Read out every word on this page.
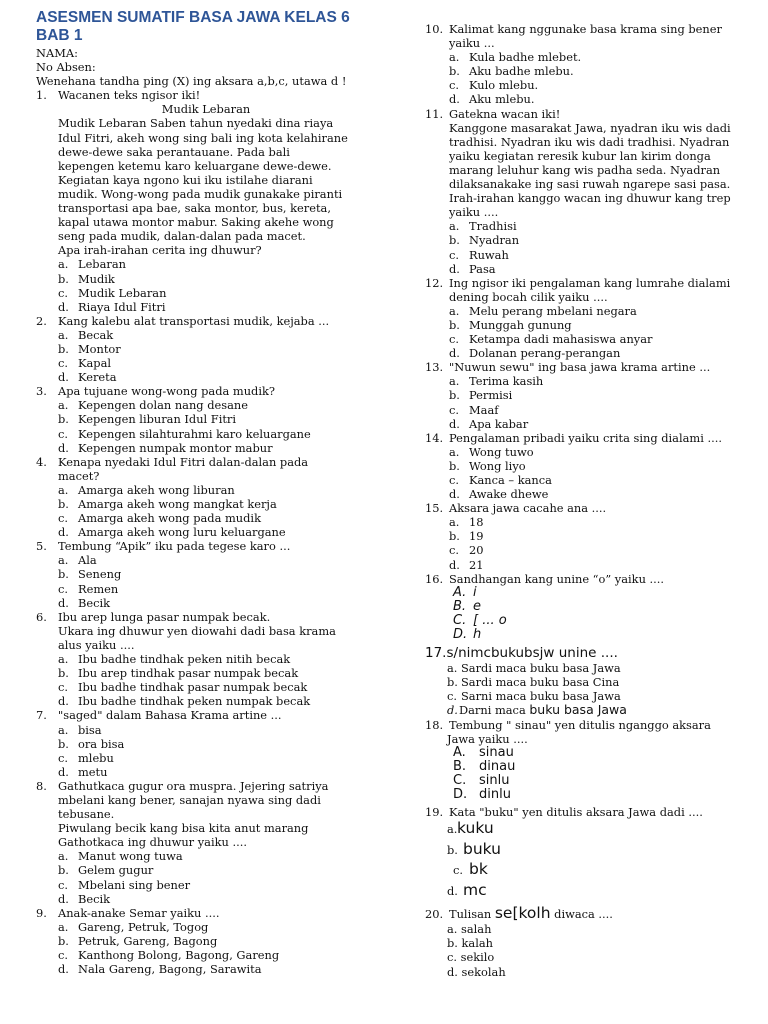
ASESMEN SUMATIF BASA JAWA KELAS 6
BAB 1
NAMA:
No Absen:
Wenehana tandha ping (X) ing aksara a,b,c, utawa d !
1. Wacanen teks ngisor iki!
Mudik Lebaran
Mudik Lebaran Saben tahun nyedaki dina riaya
Idul Fitri, akeh wong sing bali ing kota kelahirane
dewe-dewe saka perantauane. Pada bali
kepengen ketemu karo keluargane dewe-dewe.
Kegiatan kaya ngono kui iku istilahe diarani
mudik. Wong-wong pada mudik gunakake piranti
transportasi apa bae, saka montor, bus, kereta,
kapal utawa montor mabur. Saking akehe wong
seng pada mudik, dalan-dalan pada macet.
Apa irah-irahan cerita ing dhuwur?
a. Lebaran
b. Mudik
c. Mudik Lebaran
d. Riaya Idul Fitri
2. Kang kalebu alat transportasi mudik, kejaba ...
a. Becak
b. Montor
c. Kapal
d. Kereta
3. Apa tujuane wong-wong pada mudik?
a. Kepengen dolan nang desane
b. Kepengen liburan Idul Fitri
c. Kepengen silahturahmi karo keluargane
d. Kepengen numpak montor mabur
4. Kenapa nyedaki Idul Fitri dalan-dalan pada
macet?
a. Amarga akeh wong liburan
b. Amarga akeh wong mangkat kerja
c. Amarga akeh wong pada mudik
d. Amarga akeh wong luru keluargane
5. Tembung “Apik” iku pada tegese karo ...
a. Ala
b. Seneng
c. Remen
d. Becik
6. Ibu arep lunga pasar numpak becak.
Ukara ing dhuwur yen diowahi dadi basa krama
alus yaiku ....
a. Ibu badhe tindhak peken nitih becak
b. Ibu arep tindhak pasar numpak becak
c. Ibu badhe tindhak pasar numpak becak
d. Ibu badhe tindhak peken numpak becak
7. "saged" dalam Bahasa Krama artine ...
a. bisa
b. ora bisa
c. mlebu
d. metu
8. Gathutkaca gugur ora muspra. Jejering satriya
mbelani kang bener, sanajan nyawa sing dadi
tebusane.
Piwulang becik kang bisa kita anut marang
Gathotkaca ing dhuwur yaiku ....
a. Manut wong tuwa
b. Gelem gugur
c. Mbelani sing bener
d. Becik
9. Anak-anake Semar yaiku ....
a. Gareng, Petruk, Togog
b. Petruk, Gareng, Bagong
c. Kanthong Bolong, Bagong, Gareng
d. Nala Gareng, Bagong, Sarawita
10. Kalimat kang nggunake basa krama sing bener
yaiku ...
a. Kula badhe mlebet.
b. Aku badhe mlebu.
c. Kulo mlebu.
d. Aku mlebu.
11. Gatekna wacan iki!
Kanggone masarakat Jawa, nyadran iku wis dadi
tradhisi. Nyadran iku wis dadi tradhisi. Nyadran
yaiku kegiatan reresik kubur lan kirim donga
marang leluhur kang wis padha seda. Nyadran
dilaksanakake ing sasi ruwah ngarepe sasi pasa.
Irah-irahan kanggo wacan ing dhuwur kang trep
yaiku ....
a. Tradhisi
b. Nyadran
c. Ruwah
d. Pasa
12. Ing ngisor iki pengalaman kang lumrahe dialami
dening bocah cilik yaiku ....
a. Melu perang mbelani negara
b. Munggah gunung
c. Ketampa dadi mahasiswa anyar
d. Dolanan perang-perangan
13. "Nuwun sewu" ing basa jawa krama artine ...
a. Terima kasih
b. Permisi
c. Maaf
d. Apa kabar
14. Pengalaman pribadi yaiku crita sing dialami ....
a. Wong tuwo
b. Wong liyo
c. Kanca – kanca
d. Awake dhewe
15. Aksara jawa cacahe ana ....
a. 18
b. 19
c. 20
d. 21
16. Sandhangan kang unine “o” yaiku ....
A. i
B. e
C. [ ... o
D. h
17. s/nimcbukubsjw unine ....
a. Sardi maca buku basa Jawa
b. Sardi maca buku basa Cina
c. Sarni maca buku basa Jawa
d. Darni maca buku basa Jawa
18. Tembung " sinau" yen ditulis nganggo aksara
Jawa yaiku ....
A.	sinau
B. dinau
C. sinlu
D. dinlu
19. Kata "buku" yen ditulis aksara Jawa dadi ....
a. kuku
b. buku
c. bk
d. mc
20. Tulisan se[kolh diwaca ....
a. salah
b. kalah
c. sekilo
d. sekolah
